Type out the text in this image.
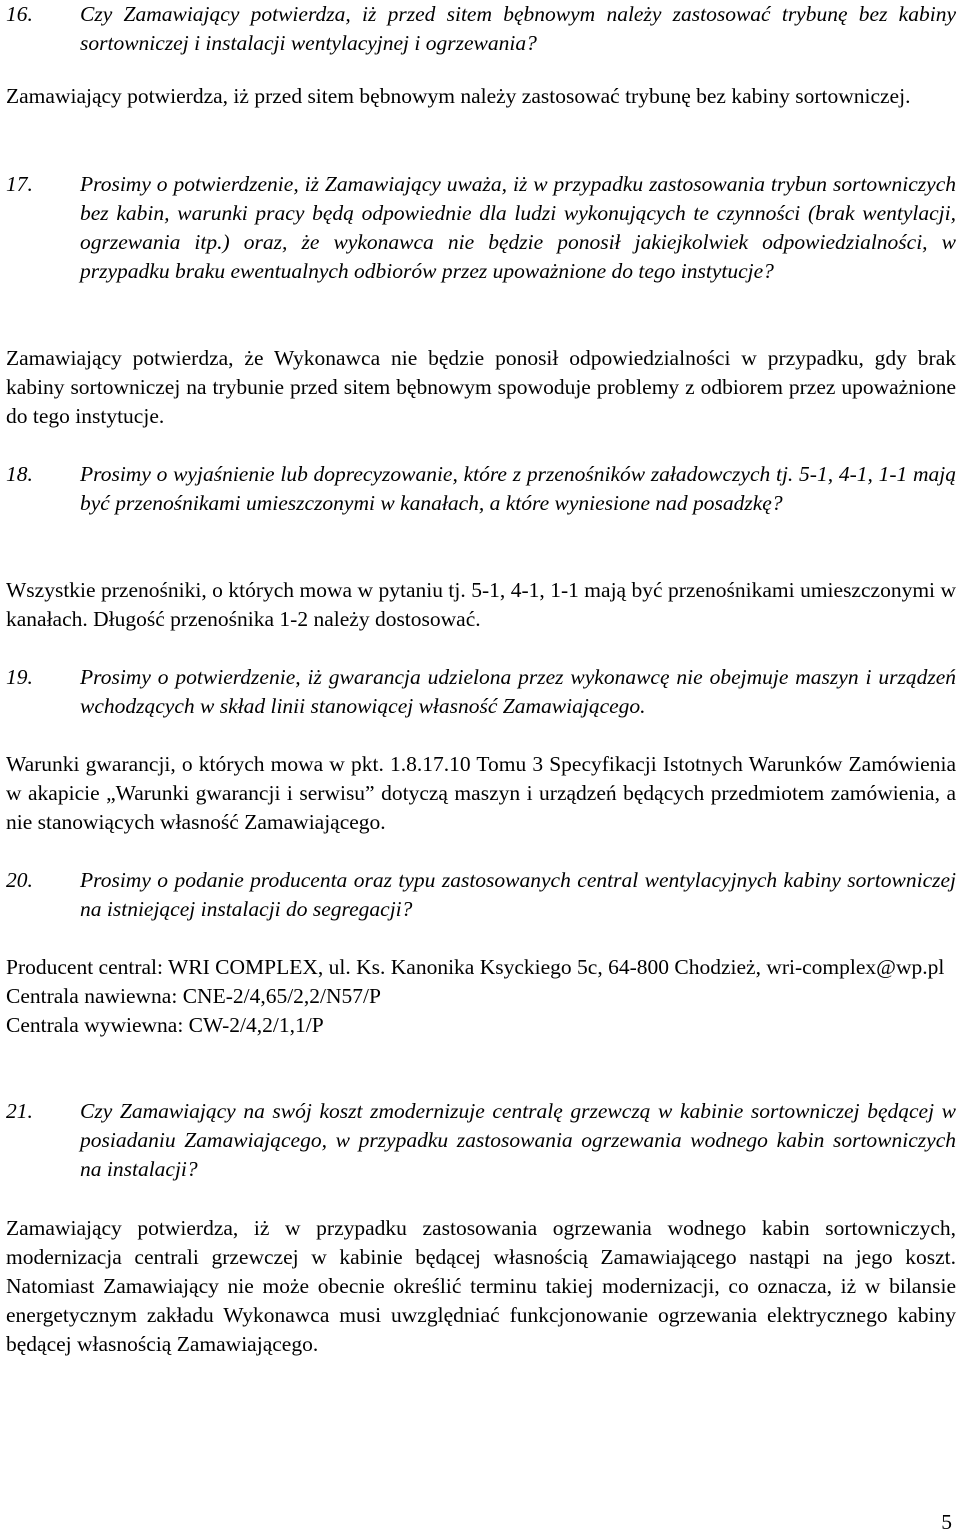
16.	Czy Zamawiający potwierdza, iż przed sitem bębnowym należy zastosować trybunę bez kabiny sortowniczej i instalacji wentylacyjnej i ogrzewania?
Zamawiający potwierdza, iż przed sitem bębnowym należy zastosować trybunę bez kabiny sortowniczej.
17.	Prosimy o potwierdzenie, iż Zamawiający uważa, iż w przypadku zastosowania trybun sortowniczych bez kabin, warunki pracy będą odpowiednie dla ludzi wykonujących te czynności (brak wentylacji, ogrzewania itp.) oraz, że wykonawca nie będzie ponosił jakiejkolwiek odpowiedzialności, w przypadku braku ewentualnych odbiorów przez upoważnione do tego instytucje?
Zamawiający potwierdza, że Wykonawca nie będzie ponosił odpowiedzialności w przypadku, gdy brak kabiny sortowniczej na trybunie przed sitem bębnowym spowoduje problemy z odbiorem przez upoważnione do tego instytucje.
18.	Prosimy o wyjaśnienie lub doprecyzowanie, które z przenośników załadowczych tj. 5-1, 4-1, 1-1 mają być przenośnikami umieszczonymi w kanałach, a które wyniesione nad posadzkę?
Wszystkie przenośniki, o których mowa w pytaniu tj. 5-1, 4-1, 1-1 mają być przenośnikami umieszczonymi w kanałach. Długość przenośnika 1-2 należy dostosować.
19.	Prosimy o potwierdzenie, iż gwarancja udzielona przez wykonawcę nie obejmuje maszyn i urządzeń wchodzących w skład linii stanowiącej własność Zamawiającego.
Warunki gwarancji, o których mowa w pkt. 1.8.17.10 Tomu 3 Specyfikacji Istotnych Warunków Zamówienia w akapicie „Warunki gwarancji i serwisu” dotyczą maszyn i urządzeń będących przedmiotem zamówienia, a nie stanowiących własność Zamawiającego.
20.	Prosimy o podanie producenta oraz typu zastosowanych central wentylacyjnych kabiny sortowniczej na istniejącej instalacji do segregacji?
Producent central: WRI COMPLEX, ul. Ks. Kanonika Ksyckiego 5c, 64-800 Chodzież, wri-complex@wp.pl
Centrala nawiewna: CNE-2/4,65/2,2/N57/P
Centrala wywiewna: CW-2/4,2/1,1/P
21.	Czy Zamawiający na swój koszt zmodernizuje centralę grzewczą w kabinie sortowniczej będącej w posiadaniu Zamawiającego, w przypadku zastosowania ogrzewania wodnego kabin sortowniczych na instalacji?
Zamawiający potwierdza, iż w przypadku zastosowania ogrzewania wodnego kabin sortowniczych, modernizacja centrali grzewczej w kabinie będącej własnością Zamawiającego nastąpi na jego koszt. Natomiast Zamawiający nie może obecnie określić terminu takiej modernizacji, co oznacza, iż w bilansie energetycznym zakładu Wykonawca musi uwzględniać funkcjonowanie ogrzewania elektrycznego kabiny będącej własnością Zamawiającego.
5
